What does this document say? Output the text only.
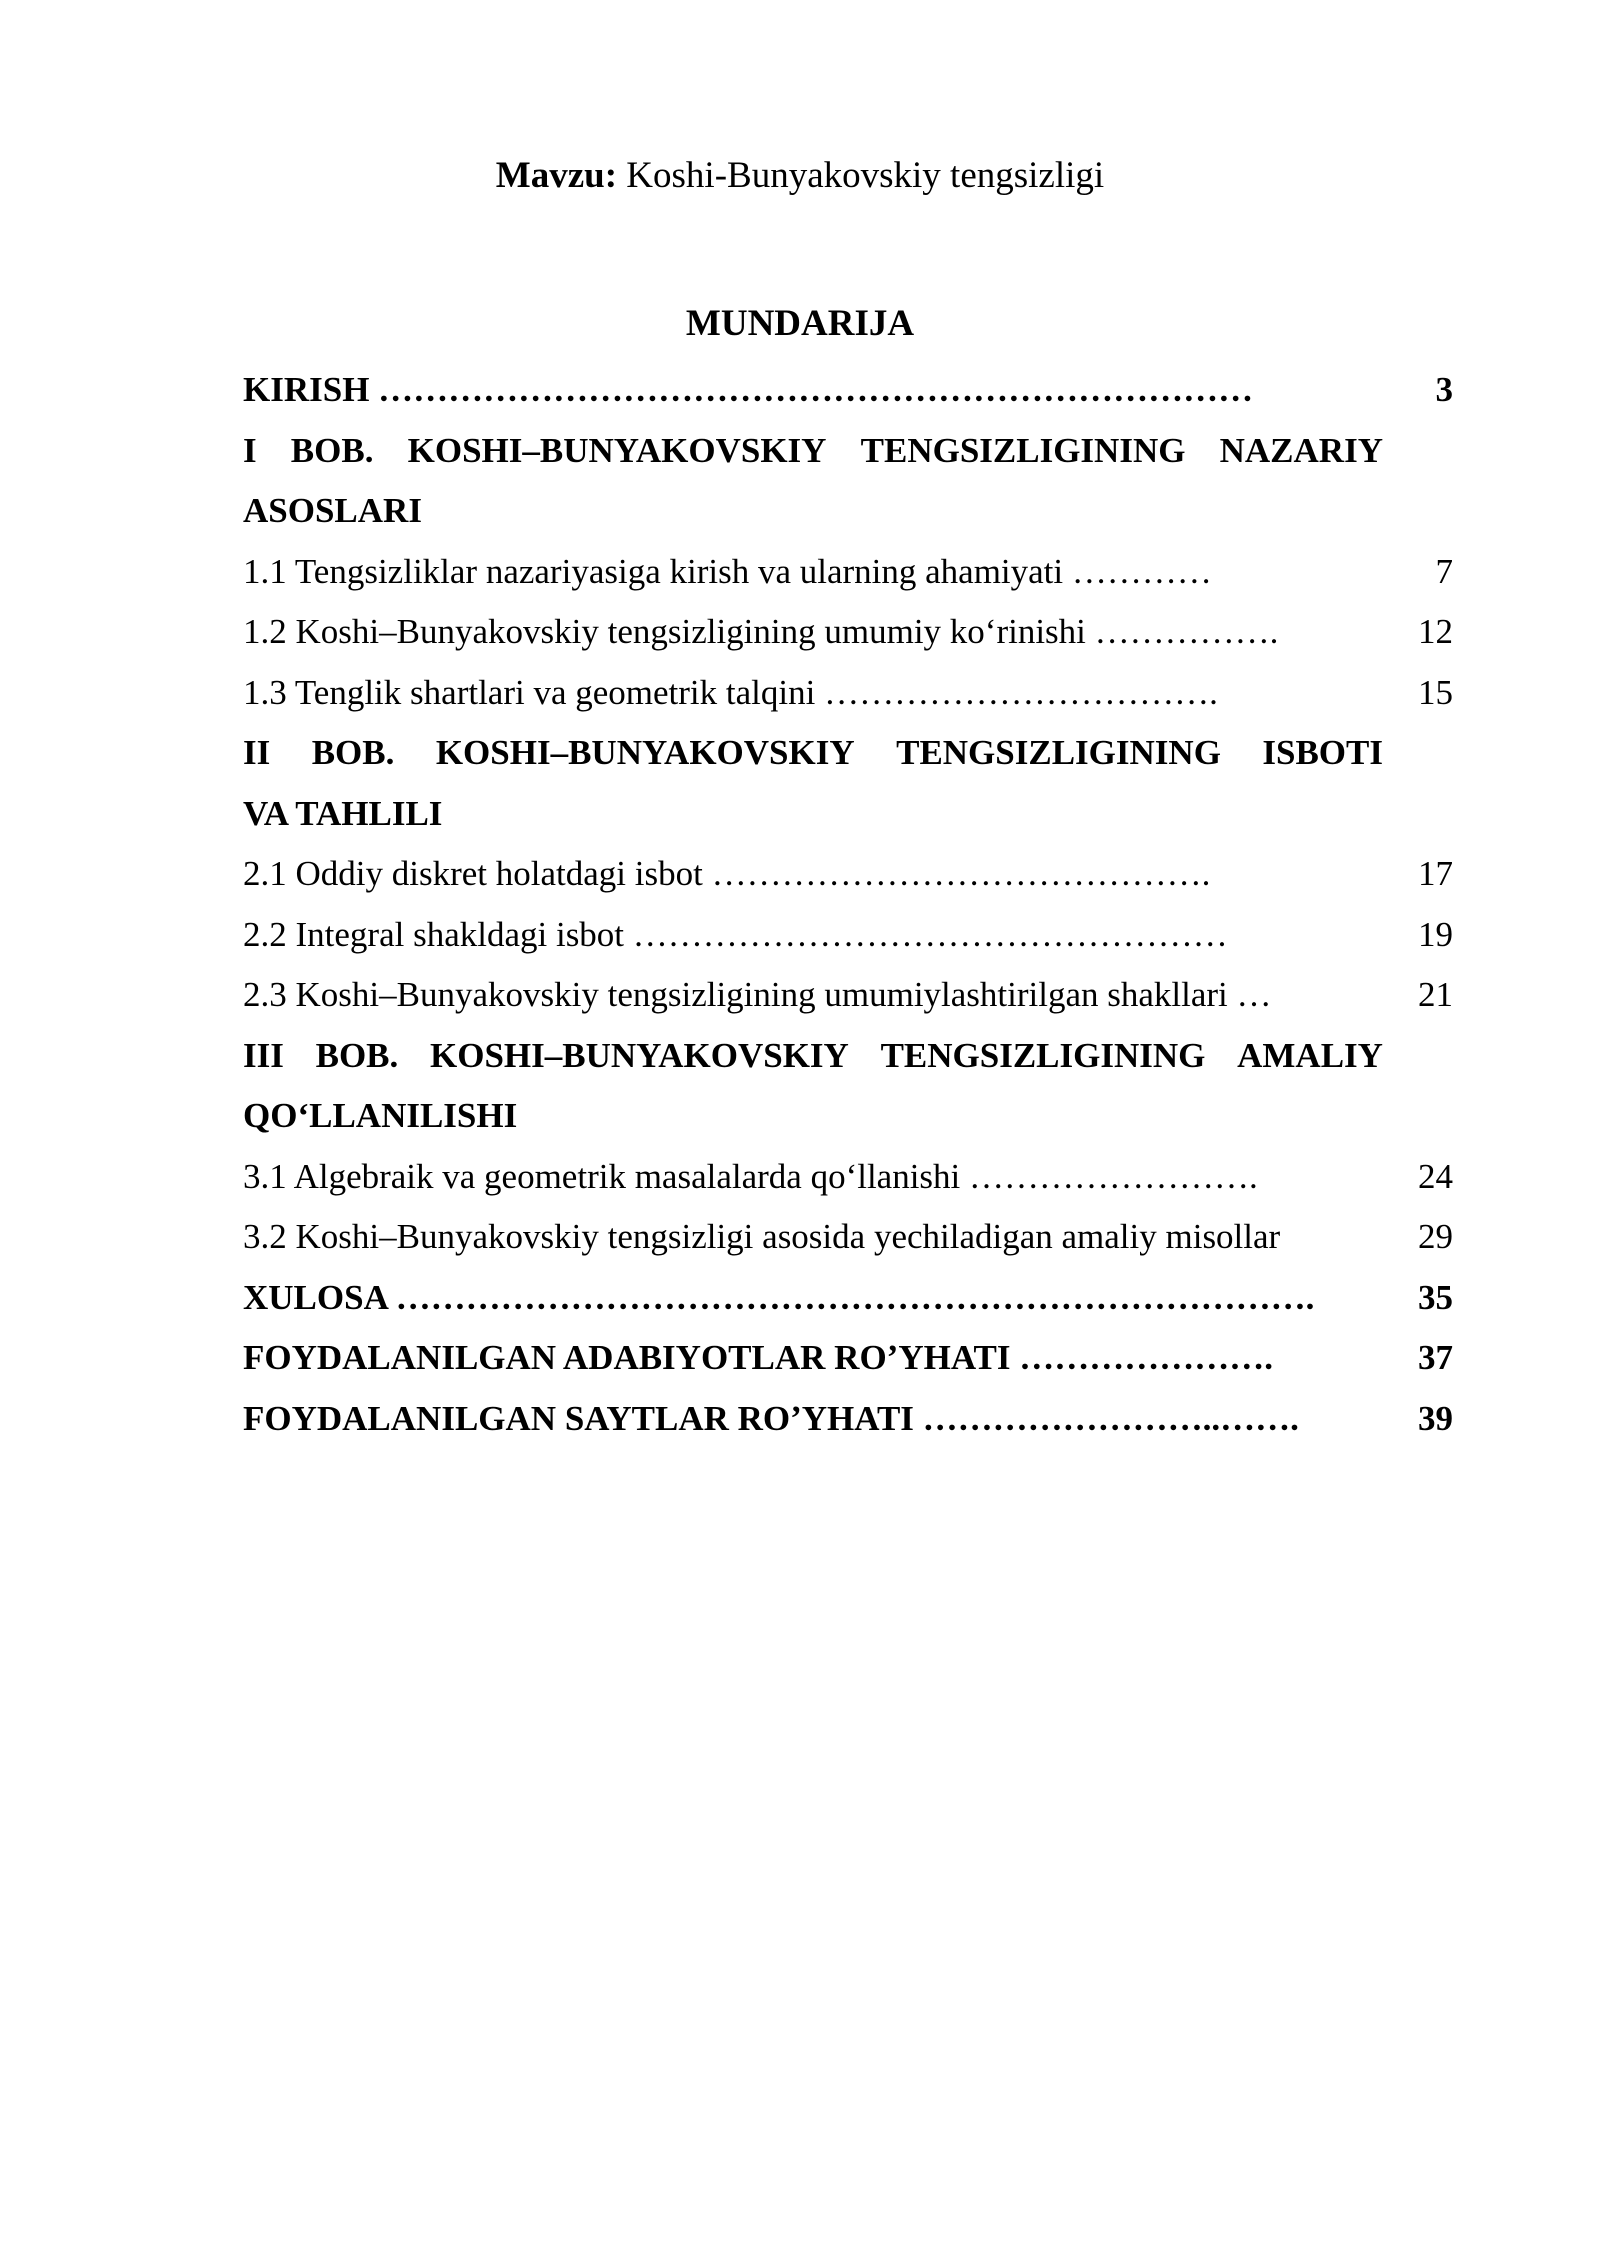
Mavzu: Koshi-Bunyakovskiy tengsizligi
MUNDARIJA
KIRISH …………………………………………………………………	3
I BOB. KOSHI–BUNYAKOVSKIY TENGSIZLIGINING NAZARIY
ASOSLARI
1.1 Tengsizliklar nazariyasiga kirish va ularning ahamiyati …………	7
1.2 Koshi–Bunyakovskiy tengsizligining umumiy koʻrinishi …………….	12
1.3 Tenglik shartlari va geometrik talqini …………………………….	15
II BOB. KOSHI–BUNYAKOVSKIY TENGSIZLIGINING ISBOTI
VA TAHLILI
2.1 Oddiy diskret holatdagi isbot …………………………………….	17
2.2 Integral shakldagi isbot ……………………………………………	19
2.3 Koshi–Bunyakovskiy tengsizligining umumiylashtirilgan shakllari …	21
III BOB. KOSHI–BUNYAKOVSKIY TENGSIZLIGINING AMALIY
QOʻLLANILISHI
3.1 Algebraik va geometrik masalalarda qoʻllanishi …………………….	24
3.2 Koshi–Bunyakovskiy tengsizligi asosida yechiladigan amaliy misollar	29
XULOSA …………………………………………………………………….	35
FOYDALANILGAN ADABIYOTLAR ROʼYHATI ………………….	37
FOYDALANILGAN SAYTLAR ROʼYHATI ……………………..…….	39
